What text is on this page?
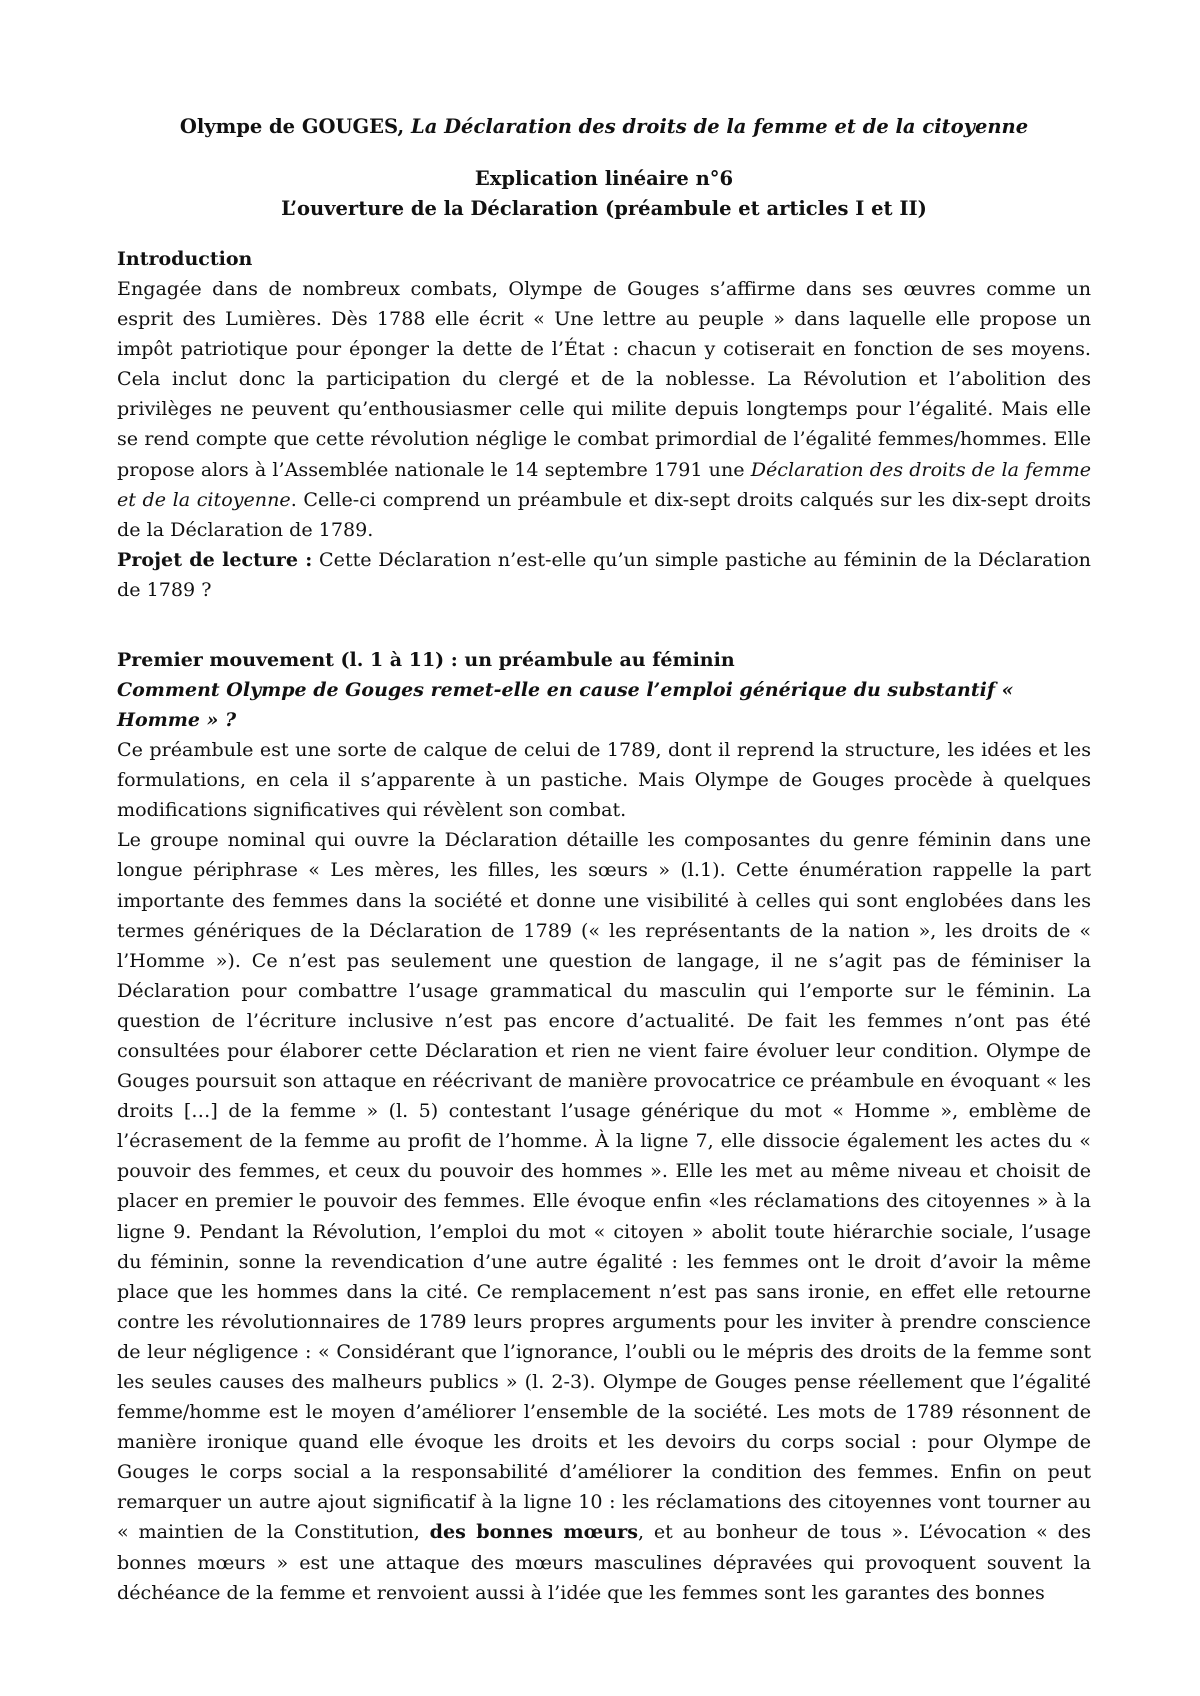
Olympe de GOUGES, La Déclaration des droits de la femme et de la citoyenne

Explication linéaire n°6

L’ouverture de la Déclaration (préambule et articles I et II)

Introduction

Engagée dans de nombreux combats, Olympe de Gouges s’affirme dans ses œuvres comme un esprit des Lumières. Dès 1788 elle écrit « Une lettre au peuple » dans laquelle elle propose un impôt patriotique pour éponger la dette de l’État : chacun y cotiserait en fonction de ses moyens. Cela inclut donc la participation du clergé et de la noblesse. La Révolution et l’abolition des privilèges ne peuvent qu’enthousiasmer celle qui milite depuis longtemps pour l’égalité. Mais elle se rend compte que cette révolution néglige le combat primordial de l’égalité femmes/hommes. Elle propose alors à l’Assemblée nationale le 14 septembre 1791 une Déclaration des droits de la femme et de la citoyenne. Celle-ci comprend un préambule et dix-sept droits calqués sur les dix-sept droits de la Déclaration de 1789.

Projet de lecture : Cette Déclaration n’est-elle qu’un simple pastiche au féminin de la Déclaration de 1789 ?

Premier mouvement (l. 1 à 11) : un préambule au féminin

Comment Olympe de Gouges remet-elle en cause l’emploi générique du substantif « Homme » ?

Ce préambule est une sorte de calque de celui de 1789, dont il reprend la structure, les idées et les formulations, en cela il s’apparente à un pastiche. Mais Olympe de Gouges procède à quelques modifications significatives qui révèlent son combat.

Le groupe nominal qui ouvre la Déclaration détaille les composantes du genre féminin dans une longue périphrase « Les mères, les filles, les sœurs » (l.1). Cette énumération rappelle la part importante des femmes dans la société et donne une visibilité à celles qui sont englobées dans les termes génériques de la Déclaration de 1789 (« les représentants de la nation », les droits de « l’Homme »). Ce n’est pas seulement une question de langage, il ne s’agit pas de féminiser la Déclaration pour combattre l’usage grammatical du masculin qui l’emporte sur le féminin. La question de l’écriture inclusive n’est pas encore d’actualité. De fait les femmes n’ont pas été consultées pour élaborer cette Déclaration et rien ne vient faire évoluer leur condition. Olympe de Gouges poursuit son attaque en réécrivant de manière provocatrice ce préambule en évoquant « les droits […] de la femme » (l. 5) contestant l’usage générique du mot « Homme », emblème de l’écrasement de la femme au profit de l’homme. À la ligne 7, elle dissocie également les actes du « pouvoir des femmes, et ceux du pouvoir des hommes ». Elle les met au même niveau et choisit de placer en premier le pouvoir des femmes. Elle évoque enfin «les réclamations des citoyennes » à la ligne 9. Pendant la Révolution, l’emploi du mot « citoyen » abolit toute hiérarchie sociale, l’usage du féminin, sonne la revendication d’une autre égalité : les femmes ont le droit d’avoir la même place que les hommes dans la cité. Ce remplacement n’est pas sans ironie, en effet elle retourne contre les révolutionnaires de 1789 leurs propres arguments pour les inviter à prendre conscience de leur négligence : « Considérant que l’ignorance, l’oubli ou le mépris des droits de la femme sont les seules causes des malheurs publics » (l. 2-3). Olympe de Gouges pense réellement que l’égalité femme/homme est le moyen d’améliorer l’ensemble de la société. Les mots de 1789 résonnent de manière ironique quand elle évoque les droits et les devoirs du corps social : pour Olympe de Gouges le corps social a la responsabilité d’améliorer la condition des femmes. Enfin on peut remarquer un autre ajout significatif à la ligne 10 : les réclamations des citoyennes vont tourner au « maintien de la Constitution, des bonnes mœurs, et au bonheur de tous ». L’évocation « des bonnes mœurs » est une attaque des mœurs masculines dépravées qui provoquent souvent la déchéance de la femme et renvoient aussi à l’idée que les femmes sont les garantes des bonnes
